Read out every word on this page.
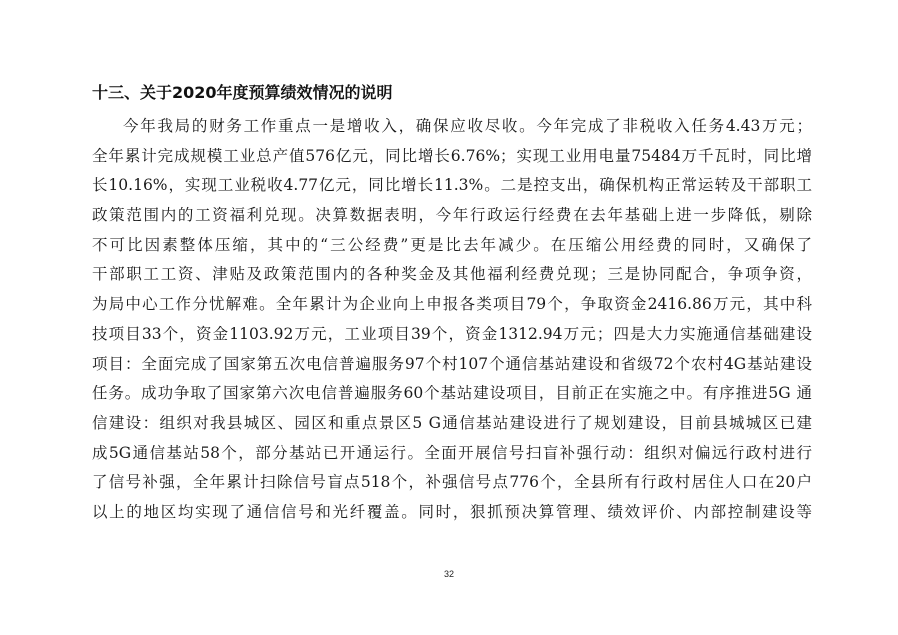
十三、关于2020年度预算绩效情况的说明
今年我局的财务工作重点一是增收入，确保应收尽收。今年完成了非税收入任务4.43万元；
全年累计完成规模工业总产值576亿元，同比增长6.76%；实现工业用电量75484万千瓦时，同比增
长10.16%，实现工业税收4.77亿元，同比增长11.3%。二是控支出，确保机构正常运转及干部职工
政策范围内的工资福利兑现。决算数据表明，今年行政运行经费在去年基础上进一步降低，剔除
不可比因素整体压缩，其中的“三公经费”更是比去年减少。在压缩公用经费的同时，又确保了
干部职工工资、津贴及政策范围内的各种奖金及其他福利经费兑现；三是协同配合，争项争资，
为局中心工作分忧解难。全年累计为企业向上申报各类项目79个，争取资金2416.86万元，其中科
技项目33个，资金1103.92万元，工业项目39个，资金1312.94万元；四是大力实施通信基础建设
项目：全面完成了国家第五次电信普遍服务97个村107个通信基站建设和省级72个农村4G基站建设
任务。成功争取了国家第六次电信普遍服务60个基站建设项目，目前正在实施之中。有序推进5G 通
信建设：组织对我县城区、园区和重点景区5 G通信基站建设进行了规划建设，目前县城城区已建
成5G通信基站58个，部分基站已开通运行。全面开展信号扫盲补强行动：组织对偏远行政村进行
了信号补强，全年累计扫除信号盲点518个，补强信号点776个，全县所有行政村居住人口在20户
以上的地区均实现了通信信号和光纤覆盖。同时，狠抓预决算管理、绩效评价、内部控制建设等
32
